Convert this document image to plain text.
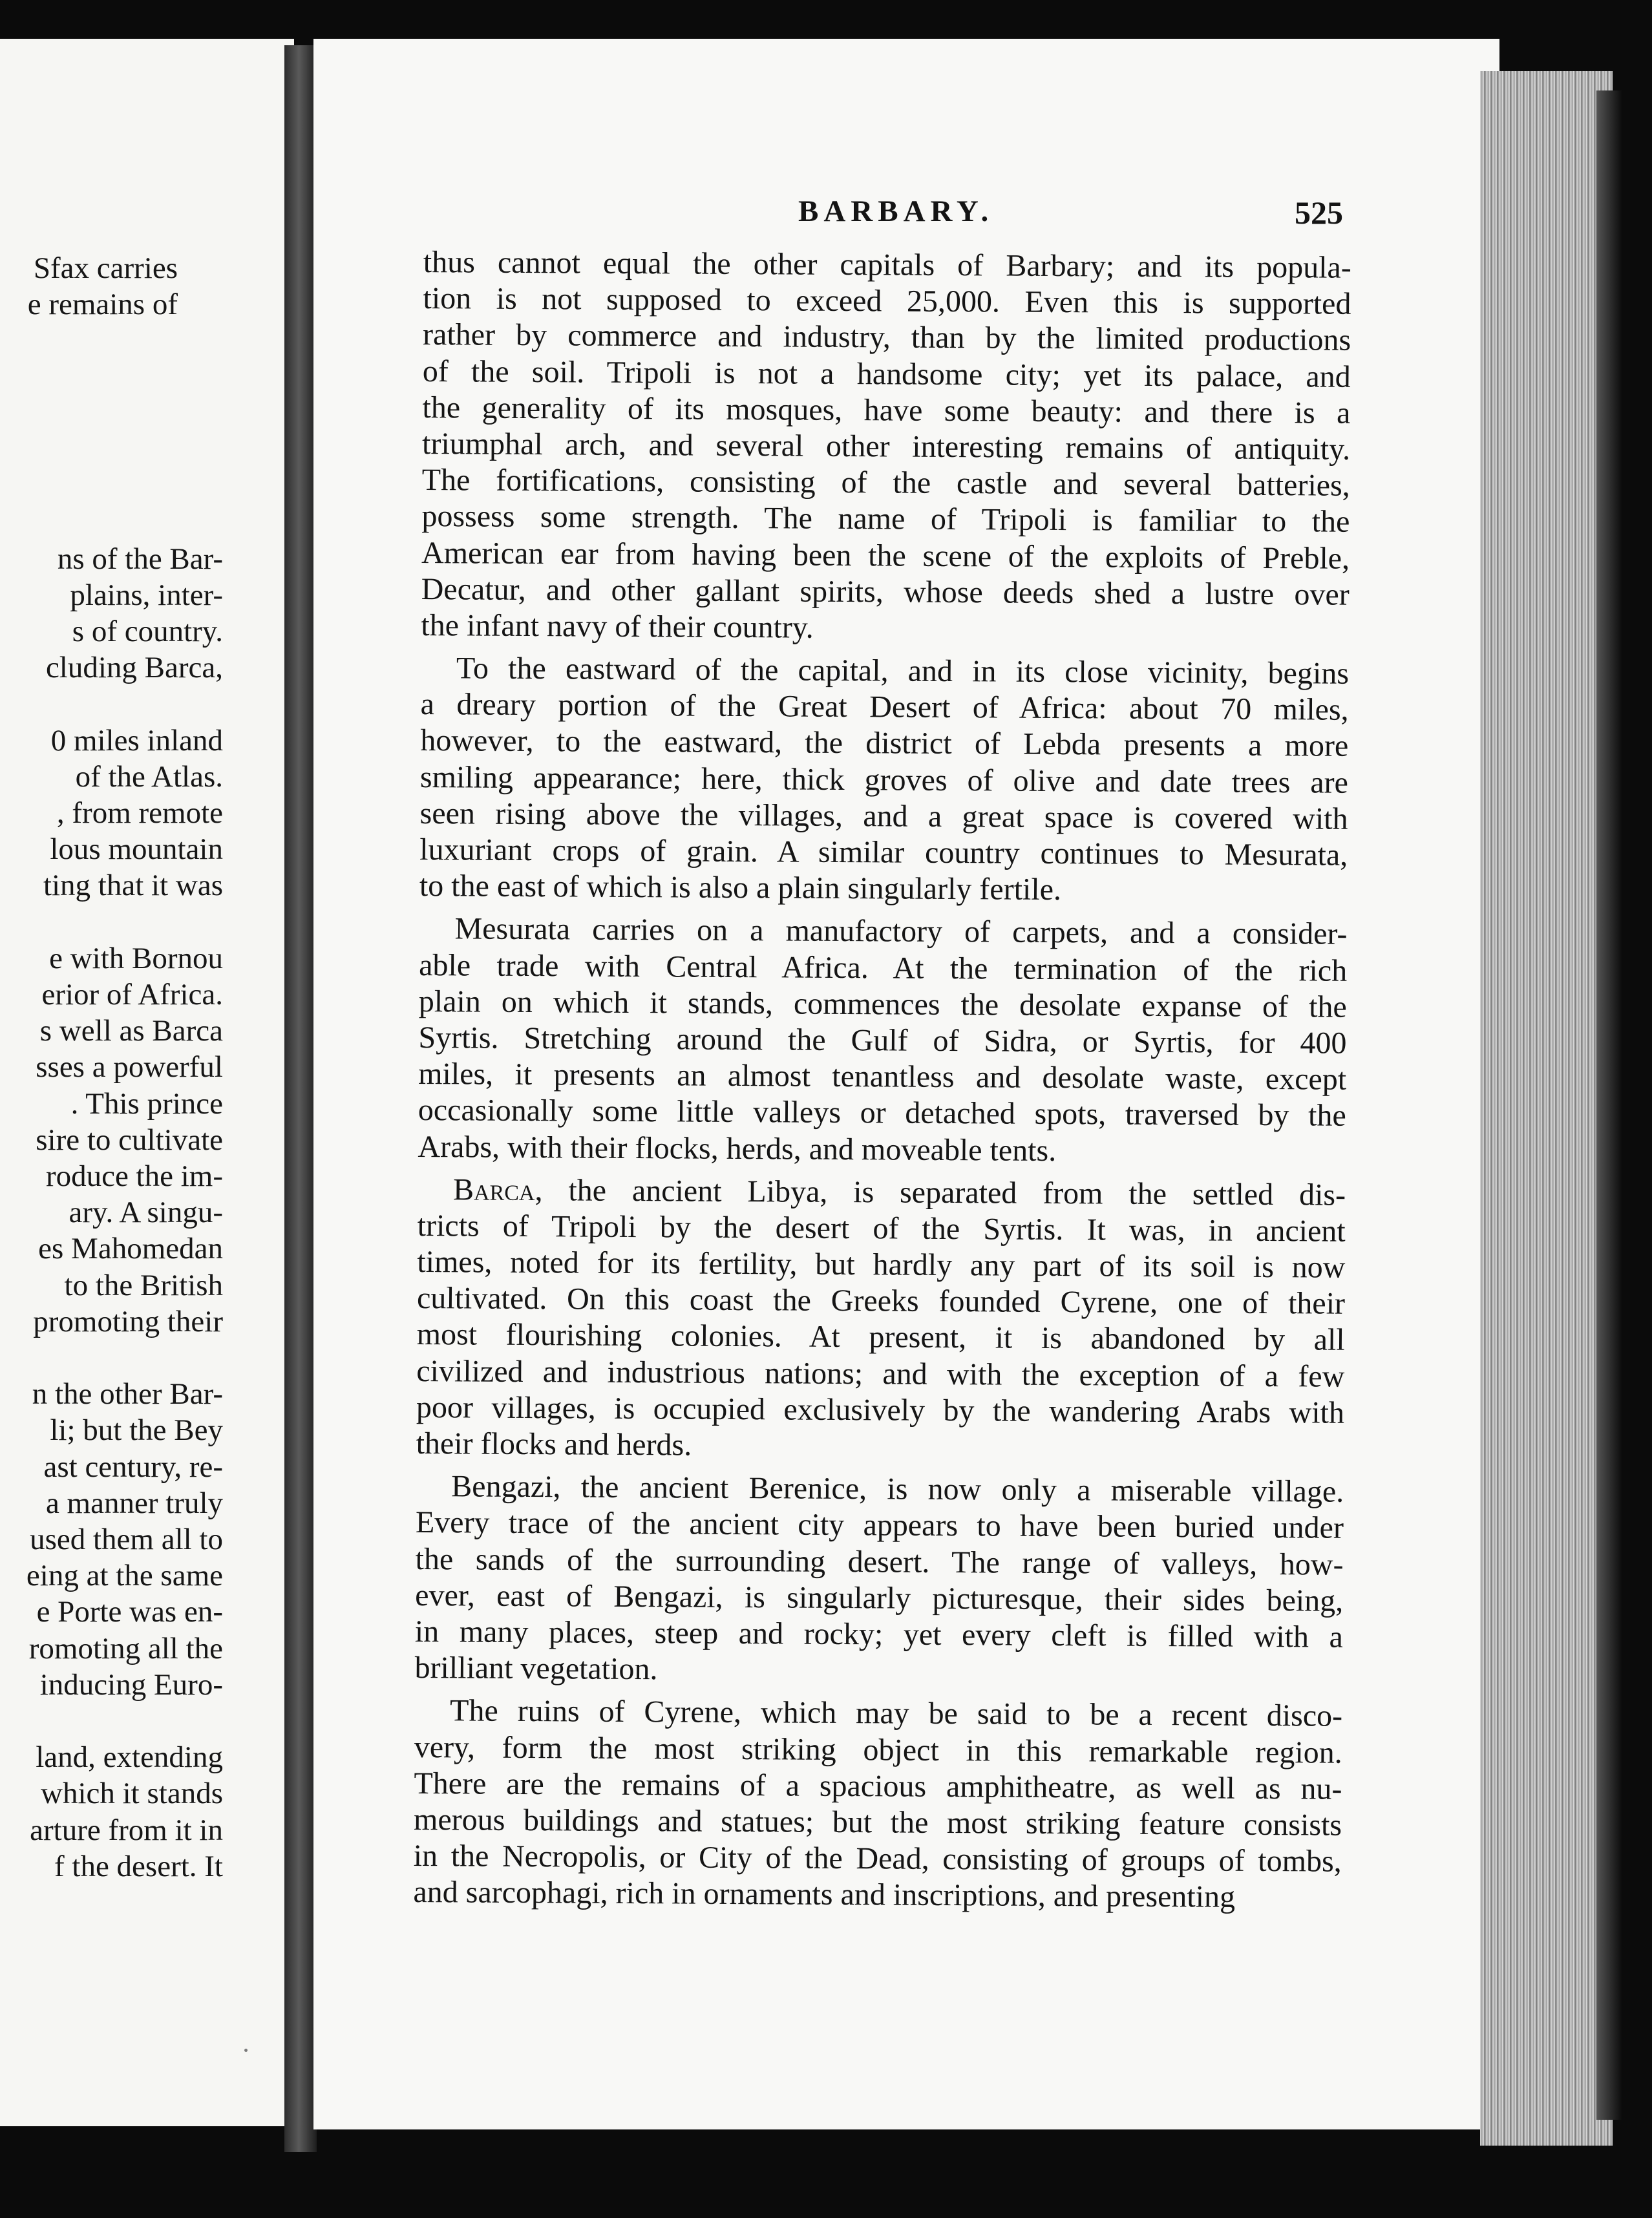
Sfax carries
e remains of
ns of the Bar-
plains, inter-
s of country.
cluding Barca,
0 miles inland
of the Atlas.
, from remote
lous mountain
ting that it was
e with Bornou
erior of Africa.
s well as Barca
sses a powerful
. This prince
sire to cultivate
roduce the im-
ary. A singu-
es Mahomedan
to the British
promoting their
n the other Bar-
li; but the Bey
ast century, re-
a manner truly
used them all to
eing at the same
e Porte was en-
romoting all the
inducing Euro-
land, extending
which it stands
arture from it in
f the desert. It
BARBARY.	525
thus cannot equal the other capitals of Barbary; and its popula-
tion is not supposed to exceed 25,000. Even this is supported
rather by commerce and industry, than by the limited productions
of the soil. Tripoli is not a handsome city; yet its palace, and
the generality of its mosques, have some beauty: and there is a
triumphal arch, and several other interesting remains of antiquity.
The fortifications, consisting of the castle and several batteries,
possess some strength. The name of Tripoli is familiar to the
American ear from having been the scene of the exploits of Preble,
Decatur, and other gallant spirits, whose deeds shed a lustre over
the infant navy of their country.
To the eastward of the capital, and in its close vicinity, begins
a dreary portion of the Great Desert of Africa: about 70 miles,
however, to the eastward, the district of Lebda presents a more
smiling appearance; here, thick groves of olive and date trees are
seen rising above the villages, and a great space is covered with
luxuriant crops of grain. A similar country continues to Mesurata,
to the east of which is also a plain singularly fertile.
Mesurata carries on a manufactory of carpets, and a consider-
able trade with Central Africa. At the termination of the rich
plain on which it stands, commences the desolate expanse of the
Syrtis. Stretching around the Gulf of Sidra, or Syrtis, for 400
miles, it presents an almost tenantless and desolate waste, except
occasionally some little valleys or detached spots, traversed by the
Arabs, with their flocks, herds, and moveable tents.
Barca, the ancient Libya, is separated from the settled dis-
tricts of Tripoli by the desert of the Syrtis. It was, in ancient
times, noted for its fertility, but hardly any part of its soil is now
cultivated. On this coast the Greeks founded Cyrene, one of their
most flourishing colonies. At present, it is abandoned by all
civilized and industrious nations; and with the exception of a few
poor villages, is occupied exclusively by the wandering Arabs with
their flocks and herds.
Bengazi, the ancient Berenice, is now only a miserable village.
Every trace of the ancient city appears to have been buried under
the sands of the surrounding desert. The range of valleys, how-
ever, east of Bengazi, is singularly picturesque, their sides being,
in many places, steep and rocky; yet every cleft is filled with a
brilliant vegetation.
The ruins of Cyrene, which may be said to be a recent disco-
very, form the most striking object in this remarkable region.
There are the remains of a spacious amphitheatre, as well as nu-
merous buildings and statues; but the most striking feature consists
in the Necropolis, or City of the Dead, consisting of groups of tombs,
and sarcophagi, rich in ornaments and inscriptions, and presenting
